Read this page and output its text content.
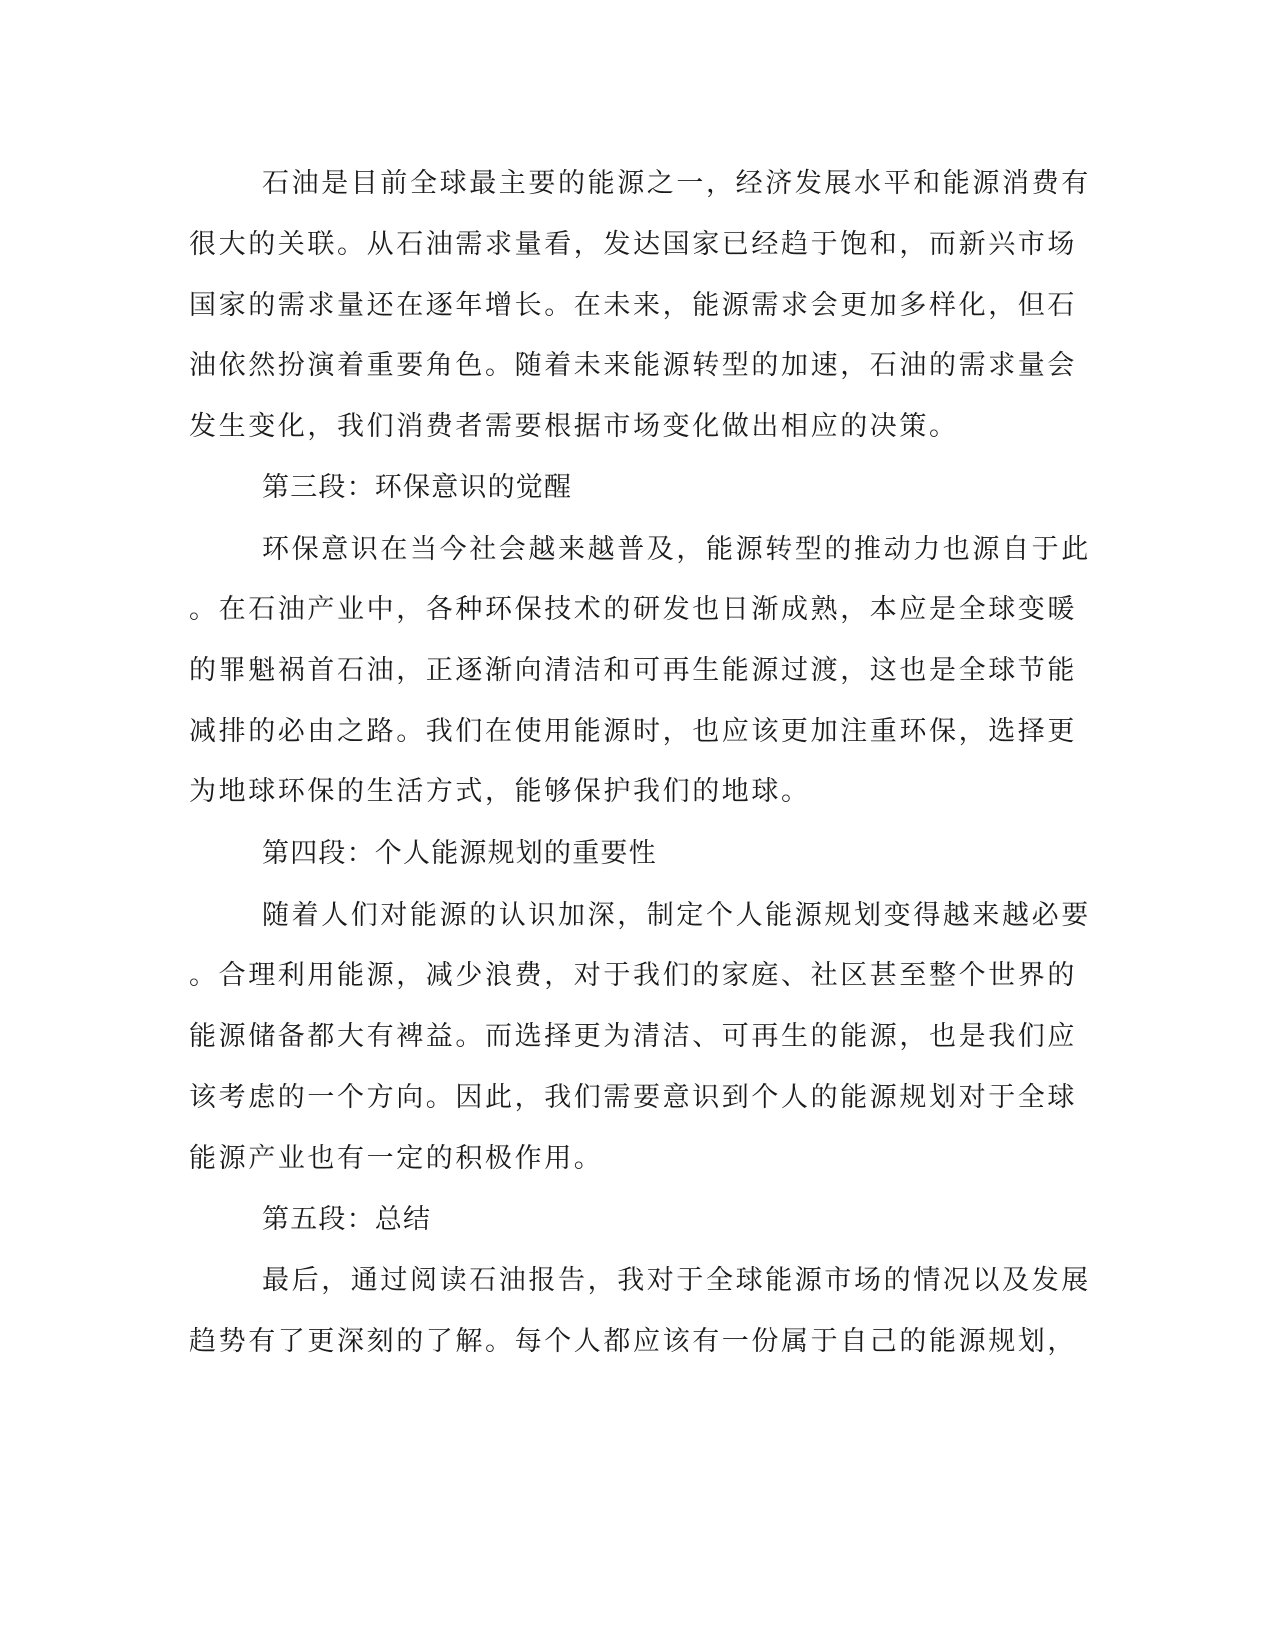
石油是目前全球最主要的能源之一，经济发展水平和能源消费有
很大的关联。从石油需求量看，发达国家已经趋于饱和，而新兴市场
国家的需求量还在逐年增长。在未来，能源需求会更加多样化，但石
油依然扮演着重要角色。随着未来能源转型的加速，石油的需求量会
发生变化，我们消费者需要根据市场变化做出相应的决策。
第三段：环保意识的觉醒
环保意识在当今社会越来越普及，能源转型的推动力也源自于此
。在石油产业中，各种环保技术的研发也日渐成熟，本应是全球变暖
的罪魁祸首石油，正逐渐向清洁和可再生能源过渡，这也是全球节能
减排的必由之路。我们在使用能源时，也应该更加注重环保，选择更
为地球环保的生活方式，能够保护我们的地球。
第四段：个人能源规划的重要性
随着人们对能源的认识加深，制定个人能源规划变得越来越必要
。合理利用能源，减少浪费，对于我们的家庭、社区甚至整个世界的
能源储备都大有裨益。而选择更为清洁、可再生的能源，也是我们应
该考虑的一个方向。因此，我们需要意识到个人的能源规划对于全球
能源产业也有一定的积极作用。
第五段：总结
最后，通过阅读石油报告，我对于全球能源市场的情况以及发展
趋势有了更深刻的了解。每个人都应该有一份属于自己的能源规划，
